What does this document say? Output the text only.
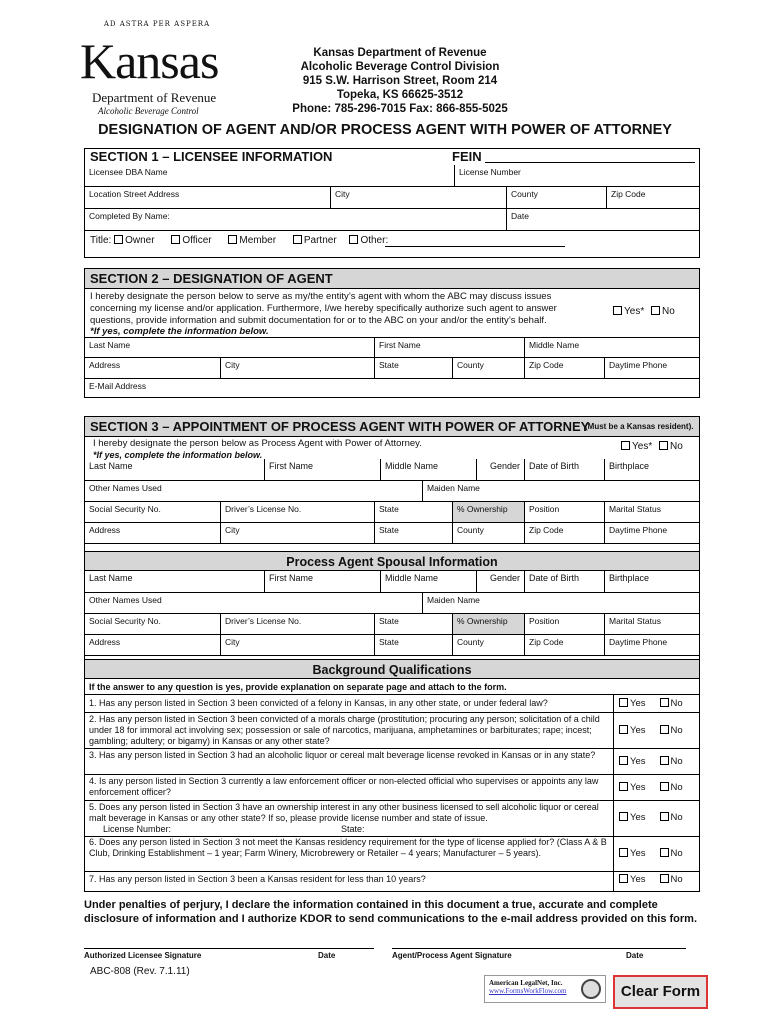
AD ASTRA PER ASPERA
Kansas
Department of Revenue
Alcoholic Beverage Control
Kansas Department of Revenue
Alcoholic Beverage Control Division
915 S.W. Harrison Street, Room 214
Topeka, KS 66625-3512
Phone: 785-296-7015 Fax: 866-855-5025
DESIGNATION OF AGENT AND/OR PROCESS AGENT WITH POWER OF ATTORNEY
SECTION 1 – LICENSEE INFORMATION	FEIN
Licensee DBA Name	License Number
Location Street Address	City	County	Zip Code
Completed By Name:	Date
Title: Owner	Officer	Member	Partner Other:
SECTION 2 – DESIGNATION OF AGENT
I hereby designate the person below to serve as my/the entity’s agent with whom the ABC may discuss issues concerning my license and/or application. Furthermore, I/we hereby specifically authorize such agent to answer questions, provide information and submit documentation for or to the ABC on your and/or the entity’s behalf.
*If yes, complete the information below.
Yes* No
Last Name	First Name	Middle Name
Address	City	State	County	Zip Code	Daytime Phone
E-Mail Address
SECTION 3 – APPOINTMENT OF PROCESS AGENT WITH POWER OF ATTORNEY
(Must be a Kansas resident).
I hereby designate the person below as Process Agent with Power of Attorney.
*If yes, complete the information below.
Yes* No
Last Name	First Name	Middle Name	Gender	Date of Birth	Birthplace
Other Names Used	Maiden Name
Social Security No.	Driver’s License No.	State	% Ownership	Position	Marital Status
Address	City	State	County	Zip Code	Daytime Phone
Process Agent Spousal Information
Last Name	First Name	Middle Name	Gender	Date of Birth	Birthplace
Other Names Used	Maiden Name
Social Security No.	Driver’s License No.	State	% Ownership	Position	Marital Status
Address	City	State	County	Zip Code	Daytime Phone
Background Qualifications
If the answer to any question is yes, provide explanation on separate page and attach to the form.
1. Has any person listed in Section 3 been convicted of a felony in Kansas, in any other state, or under federal law?	Yes	No
2. Has any person listed in Section 3 been convicted of a morals charge (prostitution; procuring any person; solicitation of a child under 18 for immoral act involving sex; possession or sale of narcotics, marijuana, amphetamines or barbiturates; rape; incest; gambling; adultery; or bigamy) in Kansas or any other state?
Yes	No
3. Has any person listed in Section 3 had an alcoholic liquor or cereal malt beverage license revoked in Kansas or in any state?
Yes	No
4. Is any person listed in Section 3 currently a law enforcement officer or non-elected official who supervises or appoints any law enforcement officer?	Yes	No
5. Does any person listed in Section 3 have an ownership interest in any other business licensed to sell alcoholic liquor or cereal malt beverage in Kansas or any other state? If so, please provide license number and state of issue.
License Number:	State:
Yes	No
6. Does any person listed in Section 3 not meet the Kansas residency requirement for the type of license applied for? (Class A & B Club, Drinking Establishment – 1 year; Farm Winery, Microbrewery or Retailer – 4 years; Manufacturer – 5 years).	Yes	No
7. Has any person listed in Section 3 been a Kansas resident for less than 10 years?	Yes	No
Under penalties of perjury, I declare the information contained in this document a true, accurate and complete disclosure of information and I authorize KDOR to send communications to the e-mail address provided on this form.
Authorized Licensee Signature	Date	Agent/Process Agent Signature	Date
ABC-808 (Rev. 7.1.11)
American LegalNet, Inc.
www.FormsWorkFlow.com	Clear Form
